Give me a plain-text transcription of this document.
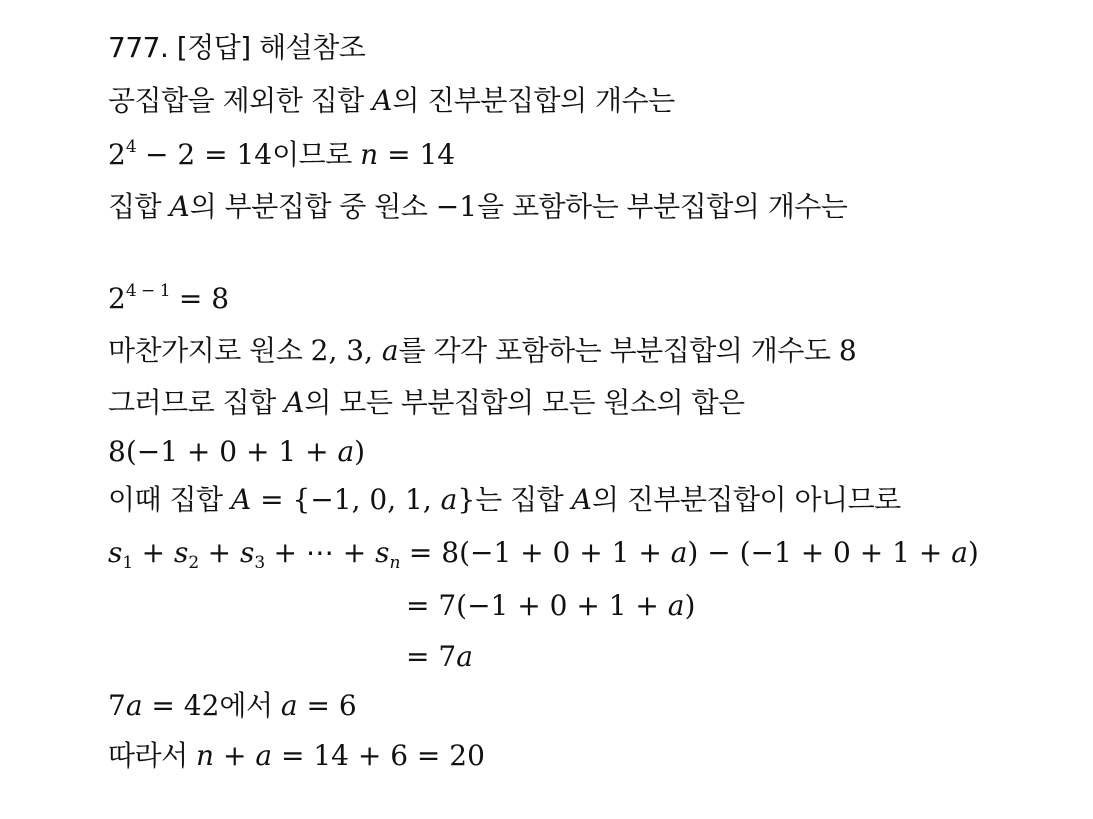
777. [정답] 해설참조
공집합을 제외한 집합 A의 진부분집합의 개수는
$2^4 - 2 = 14$이므로 n = 14
집합 A의 부분집합 중 원소 −1을 포함하는 부분집합의 개수는
$2^{4 - 1} = 8$
마찬가지로 원소 2, 3, a를 각각 포함하는 부분집합의 개수도 8
그러므로 집합 A의 모든 부분집합의 모든 원소의 합은
8(−1 + 0 + 1 + a)
이때 집합 A = {−1, 0, 1, a}는 집합 A의 진부분집합이 아니므로
$s_1 + s_2 + s_3$ + ⋯ + $s_n = 8(-1 + 0 + 1 + a) - (-1 + 0 + 1 + a)$
= 7(−1 + 0 + 1 + a)
= 7a
7a = 42에서 a = 6
따라서 n + a = 14 + 6 = 20
